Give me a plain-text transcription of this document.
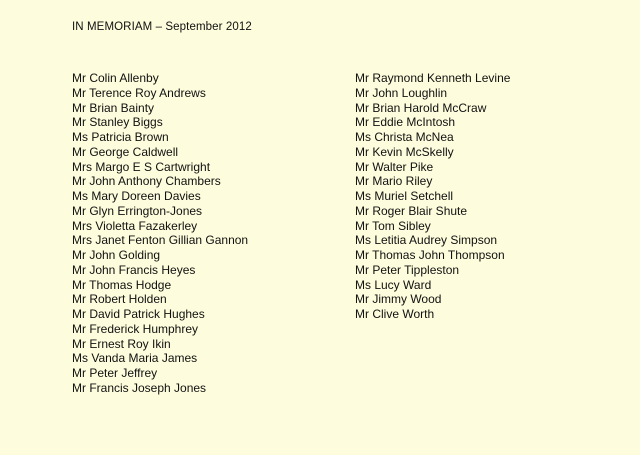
IN MEMORIAM – September 2012
Mr Colin Allenby
Mr Terence Roy Andrews
Mr Brian Bainty
Mr Stanley Biggs
Ms Patricia Brown
Mr George Caldwell
Mrs Margo E S Cartwright
Mr John Anthony Chambers
Ms Mary Doreen Davies
Mr Glyn Errington-Jones
Mrs Violetta Fazakerley
Mrs Janet Fenton Gillian Gannon
Mr John Golding
Mr John Francis Heyes
Mr Thomas Hodge
Mr Robert Holden
Mr David Patrick Hughes
Mr Frederick Humphrey
Mr Ernest Roy Ikin
Ms Vanda Maria James
Mr Peter Jeffrey
Mr Francis Joseph Jones
Mr Raymond Kenneth Levine
Mr John Loughlin
Mr Brian Harold McCraw
Mr Eddie McIntosh
Ms Christa McNea
Mr Kevin McSkelly
Mr Walter Pike
Mr Mario Riley
Ms Muriel Setchell
Mr Roger Blair Shute
Mr Tom Sibley
Ms Letitia Audrey Simpson
Mr Thomas John Thompson
Mr Peter Tippleston
Ms Lucy Ward
Mr Jimmy Wood
Mr Clive Worth
